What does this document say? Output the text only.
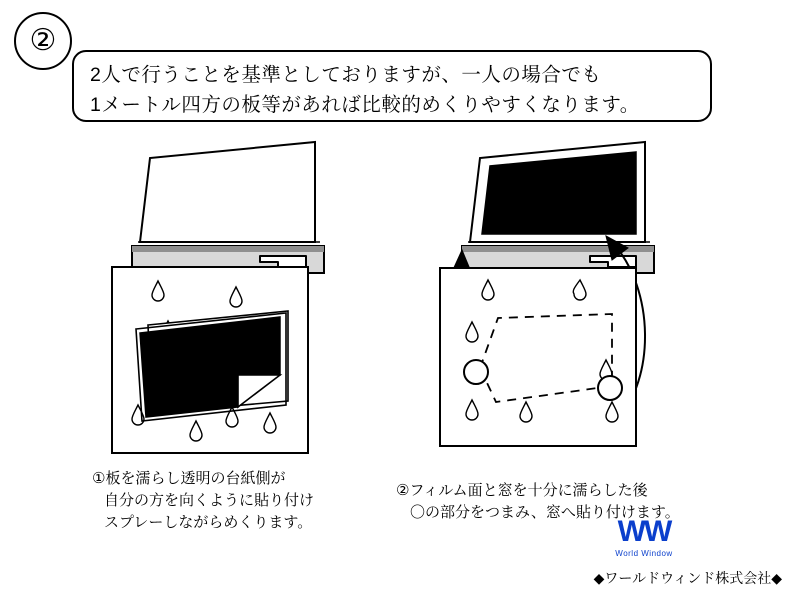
②
2人で行うことを基準としておりますが、一人の場合でも
1メートル四方の板等があれば比較的めくりやすくなります。
①板を濡らし透明の台紙側が
自分の方を向くように貼り付け
スプレーしながらめくります。
②フィルム面と窓を十分に濡らした後
〇の部分をつまみ、窓へ貼り付けます。
WW
World Window
◆ワールドウィンド株式会社◆
